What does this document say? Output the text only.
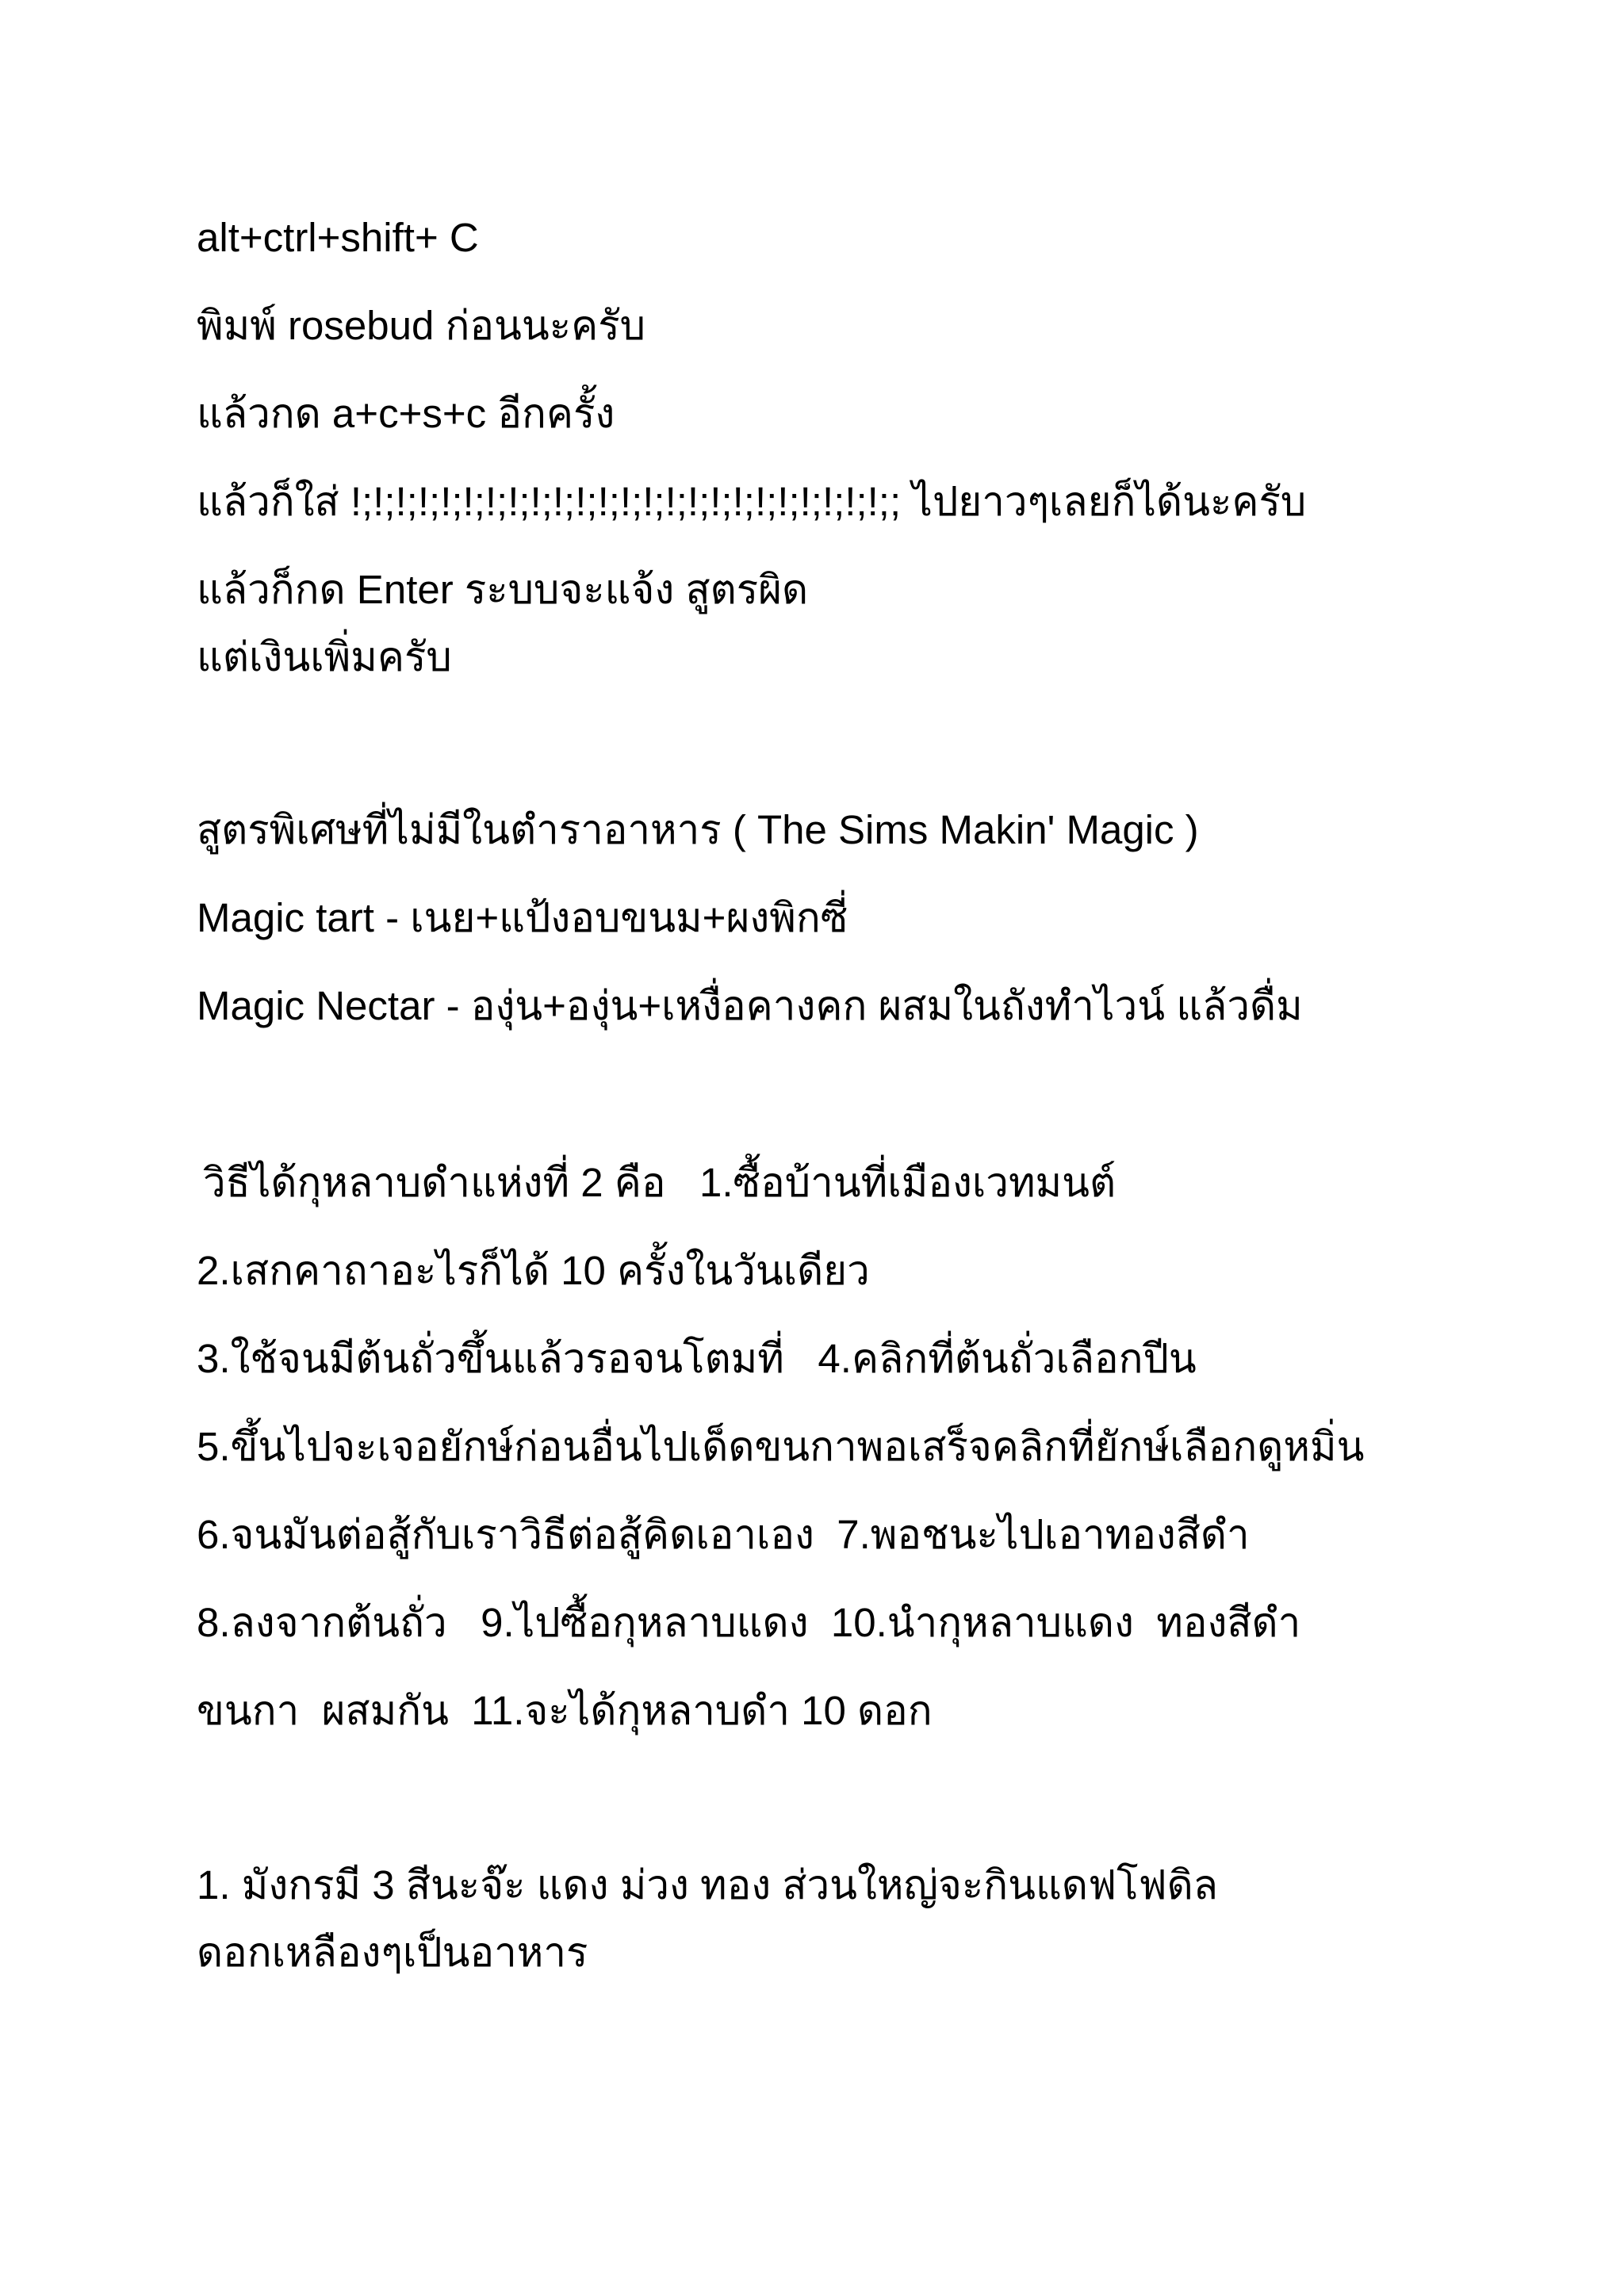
alt+ctrl+shift+ C

พิมพ์ rosebud ก่อนนะครับ

แล้วกด a+c+s+c อีกครั้ง

แล้วก็ใส่ !;!;!;!;!;!;!;!;!;!;!;!;!;!;!;!;!;!;!;!;!;!;!;!;; ไปยาวๆเลยก็ได้นะครับ

แล้วก็กด Enter ระบบจะแจ้ง สูตรผิด

แต่เงินเพิ่มครับ

สูตรพิเศษที่ไม่มีในตำราอาหาร ( The Sims Makin' Magic )

Magic tart - เนย+แป้งอบขนม+ผงพิกซี่

Magic Nectar - องุ่น+องุ่น+เหงื่อคางคก ผสมในถังทำไวน์ แล้วดื่ม

วิธีได้กุหลาบดำแห่งที่ 2 คือ   1.ซื้อบ้านที่เมืองเวทมนต์

2.เสกคาถาอะไรก็ได้ 10 ครั้งในวันเดียว

3.ใช้จนมีต้นถั่วขึ้นแล้วรอจนโตมที่   4.คลิกที่ต้นถั่วเลือกปีน

5.ขึ้นไปจะเจอยักษ์ก่อนอื่นไปเด็ดขนกาพอเสร็จคลิกที่ยักษ์เลือกดูหมิ่น

6.จนมันต่อสู้กับเราวิธีต่อสู้คิดเอาเอง  7.พอชนะไปเอาทองสีดำ

8.ลงจากต้นถั่ว   9.ไปซื้อกุหลาบแดง  10.นำกุหลาบแดง  ทองสีดำ

ขนกา  ผสมกัน  11.จะได้กุหลาบดำ 10 ดอก

1. มังกรมี 3 สีนะจ๊ะ แดง ม่วง ทอง ส่วนใหญ่จะกินแดฟโฟดิล

ดอกเหลืองๆเป็นอาหาร
